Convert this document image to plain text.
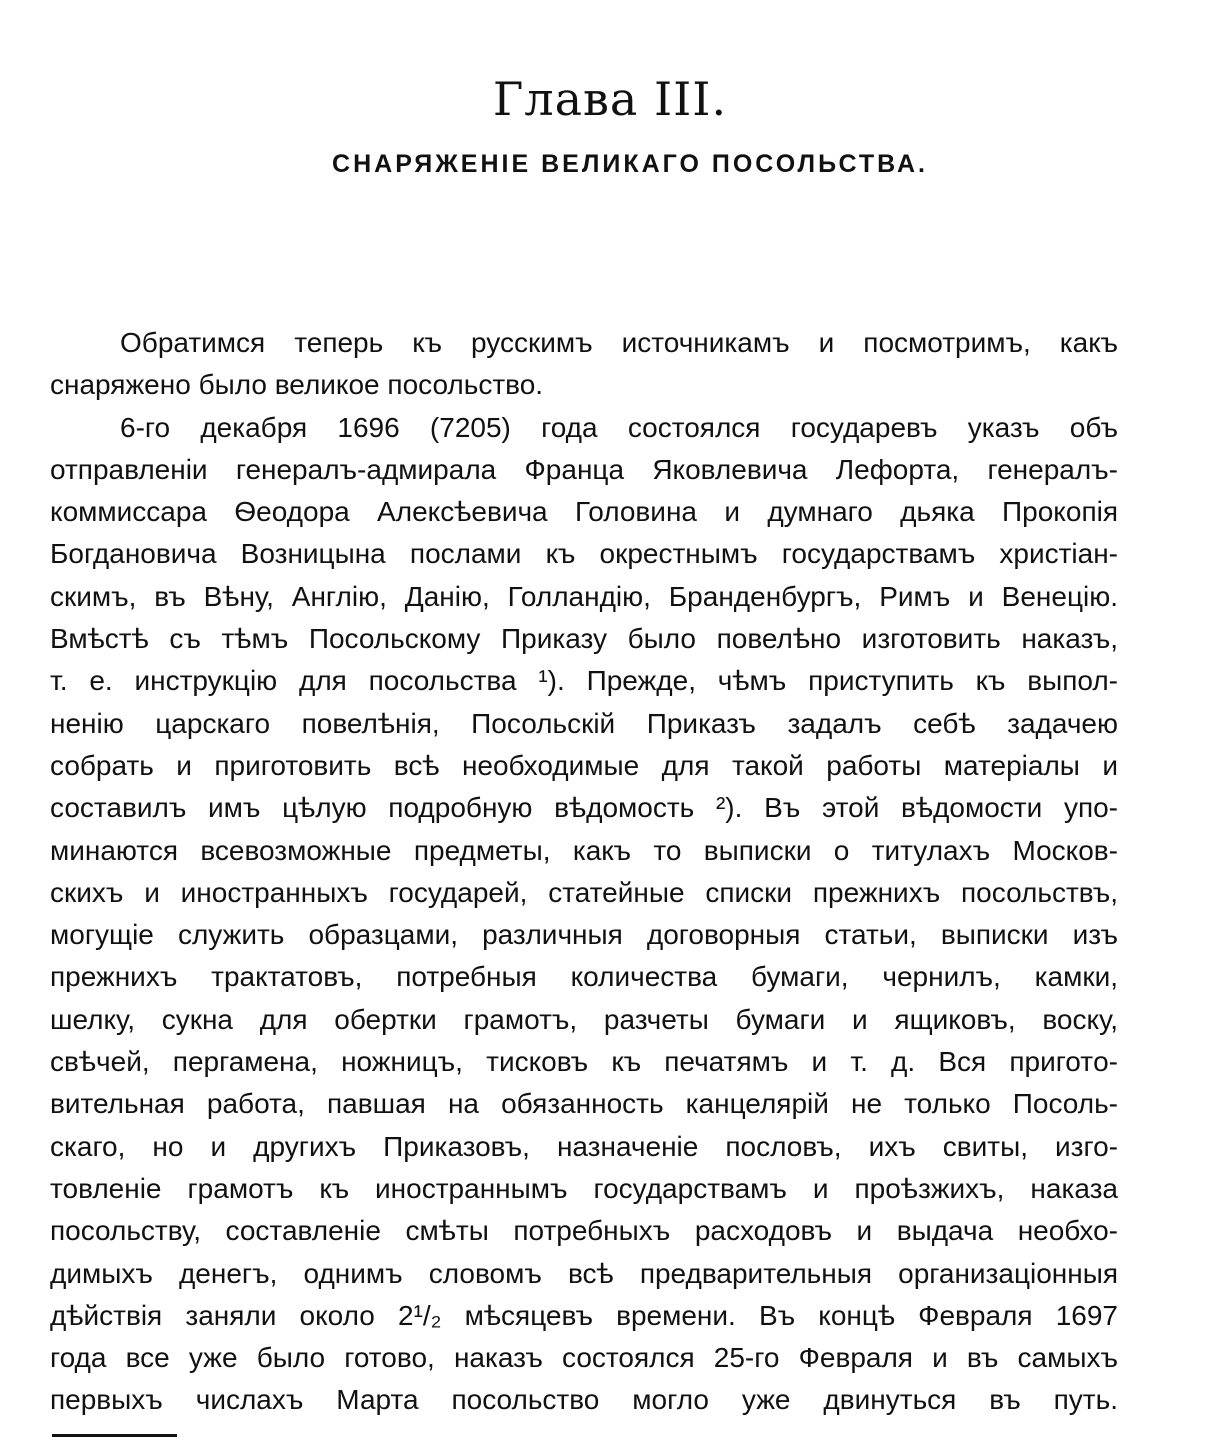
Глава III.
СНАРЯЖЕНІЕ ВЕЛИКАГО ПОСОЛЬСТВА.
Обратимся теперь къ русскимъ источникамъ и посмотримъ, какъ
снаряжено было великое посольство.
6-го декабря 1696 (7205) года состоялся государевъ указъ объ
отправленіи генералъ-адмирала Франца Яковлевича Лефорта, генералъ-
коммиссара Ѳеодора Алексѣевича Головина и думнаго дьяка Прокопія
Богдановича Возницына послами къ окрестнымъ государствамъ христіан-
скимъ, въ Вѣну, Англію, Данію, Голландію, Бранденбургъ, Римъ и Венецію.
Вмѣстѣ съ тѣмъ Посольскому Приказу было повелѣно изготовить наказъ,
т. е. инструкцію для посольства ¹). Прежде, чѣмъ приступить къ выпол-
ненію царскаго повелѣнія, Посольскій Приказъ задалъ себѣ задачею
собрать и приготовить всѣ необходимые для такой работы матеріалы и
составилъ имъ цѣлую подробную вѣдомость ²). Въ этой вѣдомости упо-
минаются всевозможные предметы, какъ то выписки о титулахъ Москов-
скихъ и иностранныхъ государей, статейные списки прежнихъ посольствъ,
могущіе служить образцами, различныя договорныя статьи, выписки изъ
прежнихъ трактатовъ, потребныя количества бумаги, чернилъ, камки,
шелку, сукна для обертки грамотъ, разчеты бумаги и ящиковъ, воску,
свѣчей, пергамена, ножницъ, тисковъ къ печатямъ и т. д. Вся приготo-
вительная работа, павшая на обязанность канцелярій не только Посоль-
скаго, но и другихъ Приказовъ, назначеніе пословъ, ихъ свиты, изго-
товленіе грамотъ къ иностраннымъ государствамъ и проѣзжихъ, наказа
посольству, составленіе смѣты потребныхъ расходовъ и выдача необхо-
димыхъ денегъ, однимъ словомъ всѣ предварительныя организаціонныя
дѣйствія заняли около 2¹/₂ мѣсяцевъ времени. Въ концѣ Февраля 1697
года все уже было готово, наказъ состоялся 25-го Февраля и въ самыхъ
первыхъ числахъ Марта посольство могло уже двинуться въ путь.
